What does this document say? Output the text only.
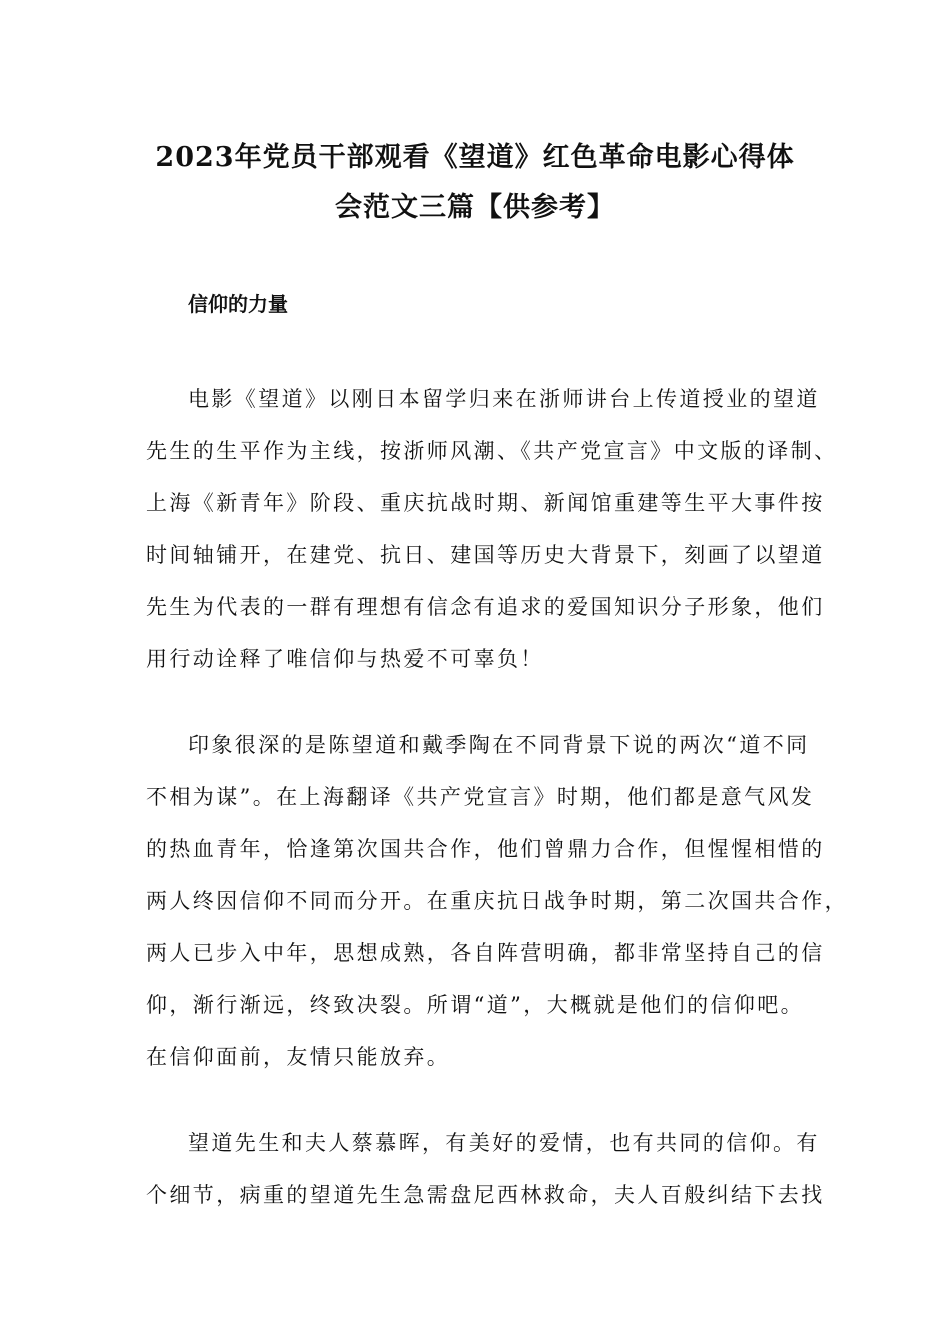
2023年党员干部观看《望道》红色革命电影心得体
会范文三篇【供参考】
信仰的力量
电影《望道》以刚日本留学归来在浙师讲台上传道授业的望道
先生的生平作为主线，按浙师风潮、《共产党宣言》中文版的译制、
上海《新青年》阶段、重庆抗战时期、新闻馆重建等生平大事件按
时间轴铺开，在建党、抗日、建国等历史大背景下，刻画了以望道
先生为代表的一群有理想有信念有追求的爱国知识分子形象，他们
用行动诠释了唯信仰与热爱不可辜负！
印象很深的是陈望道和戴季陶在不同背景下说的两次“道不同
不相为谋”。在上海翻译《共产党宣言》时期，他们都是意气风发
的热血青年，恰逢第次国共合作，他们曾鼎力合作，但惺惺相惜的
两人终因信仰不同而分开。在重庆抗日战争时期，第二次国共合作，
两人已步入中年，思想成熟，各自阵营明确，都非常坚持自己的信
仰，渐行渐远，终致决裂。所谓“道”，大概就是他们的信仰吧。
在信仰面前，友情只能放弃。
望道先生和夫人蔡慕晖，有美好的爱情，也有共同的信仰。有
个细节，病重的望道先生急需盘尼西林救命，夫人百般纠结下去找
